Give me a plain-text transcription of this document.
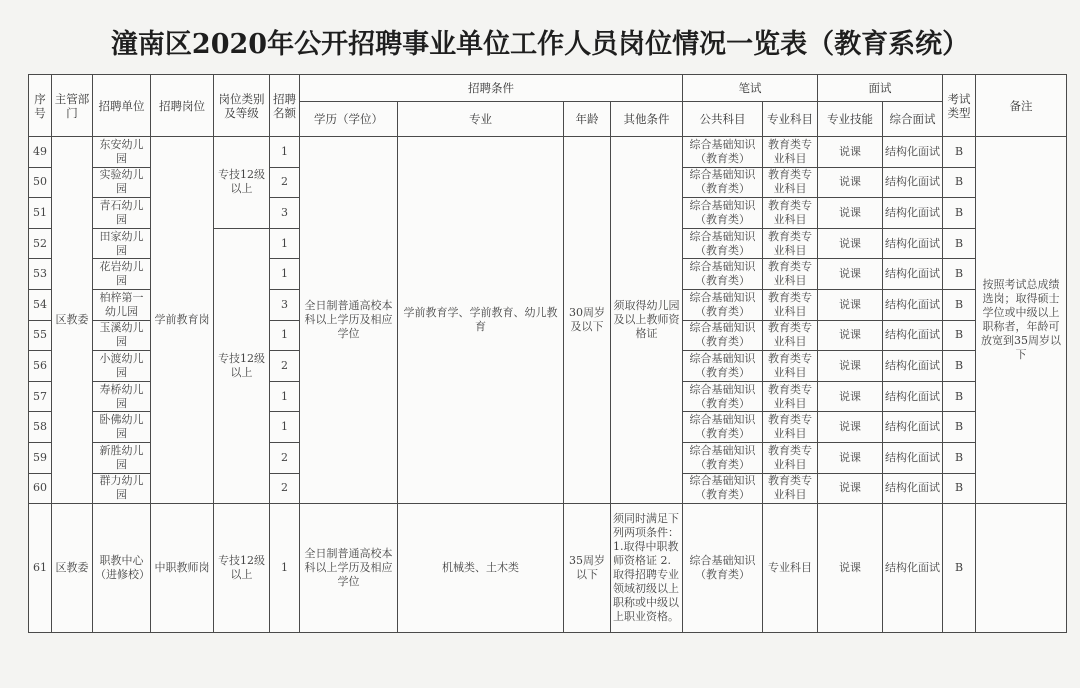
潼南区2020年公开招聘事业单位工作人员岗位情况一览表（教育系统）
序号	主管部门	招聘单位	招聘岗位	岗位类别及等级	招聘名额	招聘条件				笔试		面试		考试类型	备注
						学历（学位）	专业	年龄	其他条件	公共科目	专业科目	专业技能	综合面试		
49	区教委	东安幼儿园	学前教育岗	专技12级以上	1	全日制普通高校本科以上学历及相应学位	学前教育学、学前教育、幼儿教育	30周岁及以下	须取得幼儿园及以上教师资格证	综合基础知识（教育类）	教育类专业科目	说课	结构化面试	B	按照考试总成绩选岗；取得硕士学位或中级以上职称者，年龄可放宽到35周岁以下
50		实验幼儿园			2					综合基础知识（教育类）	教育类专业科目	说课	结构化面试	B	
51		青石幼儿园			3					综合基础知识（教育类）	教育类专业科目	说课	结构化面试	B	
52		田家幼儿园		专技12级以上	1					综合基础知识（教育类）	教育类专业科目	说课	结构化面试	B	
53		花岩幼儿园			1					综合基础知识（教育类）	教育类专业科目	说课	结构化面试	B	
54		柏梓第一幼儿园			3					综合基础知识（教育类）	教育类专业科目	说课	结构化面试	B	
55		玉溪幼儿园			1					综合基础知识（教育类）	教育类专业科目	说课	结构化面试	B	
56		小渡幼儿园			2					综合基础知识（教育类）	教育类专业科目	说课	结构化面试	B	
57		寿桥幼儿园			1					综合基础知识（教育类）	教育类专业科目	说课	结构化面试	B	
58		卧佛幼儿园			1					综合基础知识（教育类）	教育类专业科目	说课	结构化面试	B	
59		新胜幼儿园			2					综合基础知识（教育类）	教育类专业科目	说课	结构化面试	B	
60		群力幼儿园			2					综合基础知识（教育类）	教育类专业科目	说课	结构化面试	B	
61	区教委	职教中心（进修校）	中职教师岗	专技12级以上	1	全日制普通高校本科以上学历及相应学位	机械类、土木类	35周岁以下	须同时满足下列两项条件：1.取得中职教师资格证 2.取得招聘专业领域初级以上职称或中级以上职业资格。	综合基础知识（教育类）	专业科目	说课	结构化面试	B	
